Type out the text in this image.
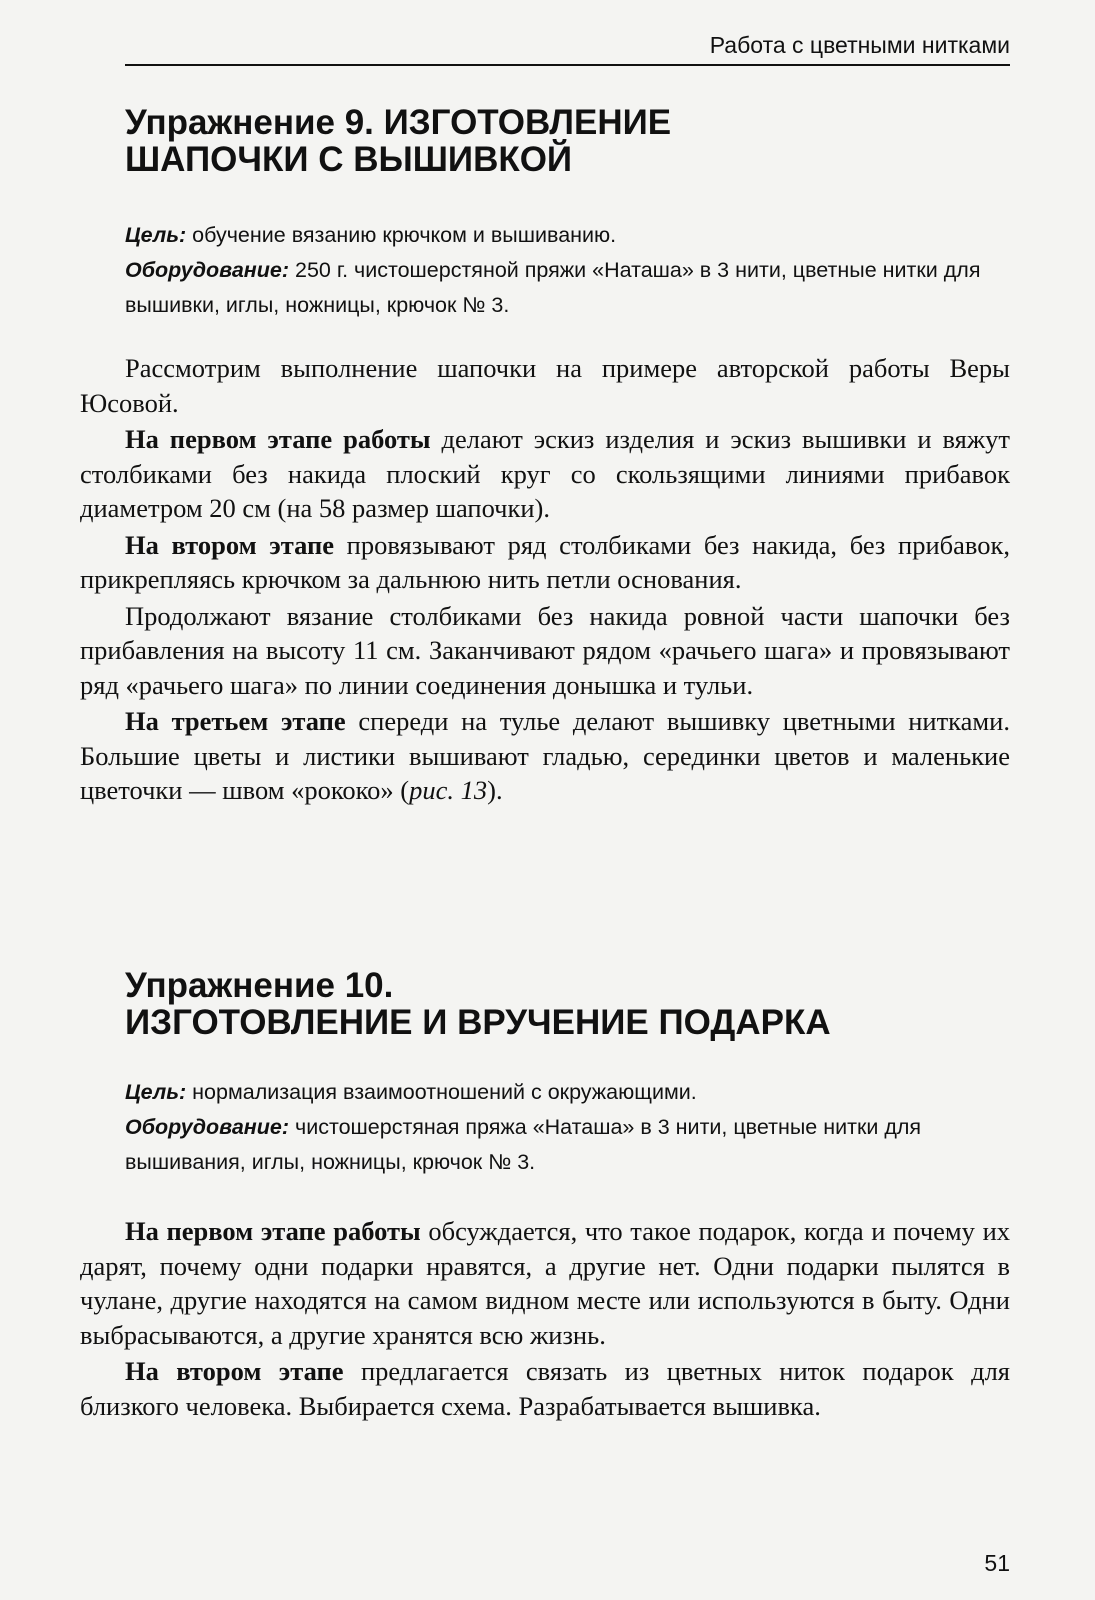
Работа с цветными нитками
Упражнение 9. ИЗГОТОВЛЕНИЕ
ШАПОЧКИ С ВЫШИВКОЙ
Цель: обучение вязанию крючком и вышиванию.
Оборудование: 250 г. чистошерстяной пряжи «Наташа» в 3 нити, цветные нитки для вышивки, иглы, ножницы, крючок № 3.

Рассмотрим выполнение шапочки на примере авторской работы Веры Юсовой.

На первом этапе работы делают эскиз изделия и эскиз вышивки и вяжут столбиками без накида плоский круг со скользящими линиями прибавок диаметром 20 см (на 58 размер шапочки).

На втором этапе провязывают ряд столбиками без накида, без прибавок, прикрепляясь крючком за дальнюю нить петли основания.

Продолжают вязание столбиками без накида ровной части шапочки без прибавления на высоту 11 см. Заканчивают рядом «рачьего шага» и провязывают ряд «рачьего шага» по линии соединения донышка и тульи.

На третьем этапе спереди на тулье делают вышивку цветными нитками. Большие цветы и листики вышивают гладью, серединки цветов и маленькие цветочки — швом «рококо» (рис. 13).

Упражнение 10.
ИЗГОТОВЛЕНИЕ И ВРУЧЕНИЕ ПОДАРКА
Цель: нормализация взаимоотношений с окружающими.
Оборудование: чистошерстяная пряжа «Наташа» в 3 нити, цветные нитки для вышивания, иглы, ножницы, крючок № 3.

На первом этапе работы обсуждается, что такое подарок, когда и почему их дарят, почему одни подарки нравятся, а другие нет. Одни подарки пылятся в чулане, другие находятся на самом видном месте или используются в быту. Одни выбрасываются, а другие хранятся всю жизнь.

На втором этапе предлагается связать из цветных ниток подарок для близкого человека. Выбирается схема. Разрабатывается вышивка.

51
